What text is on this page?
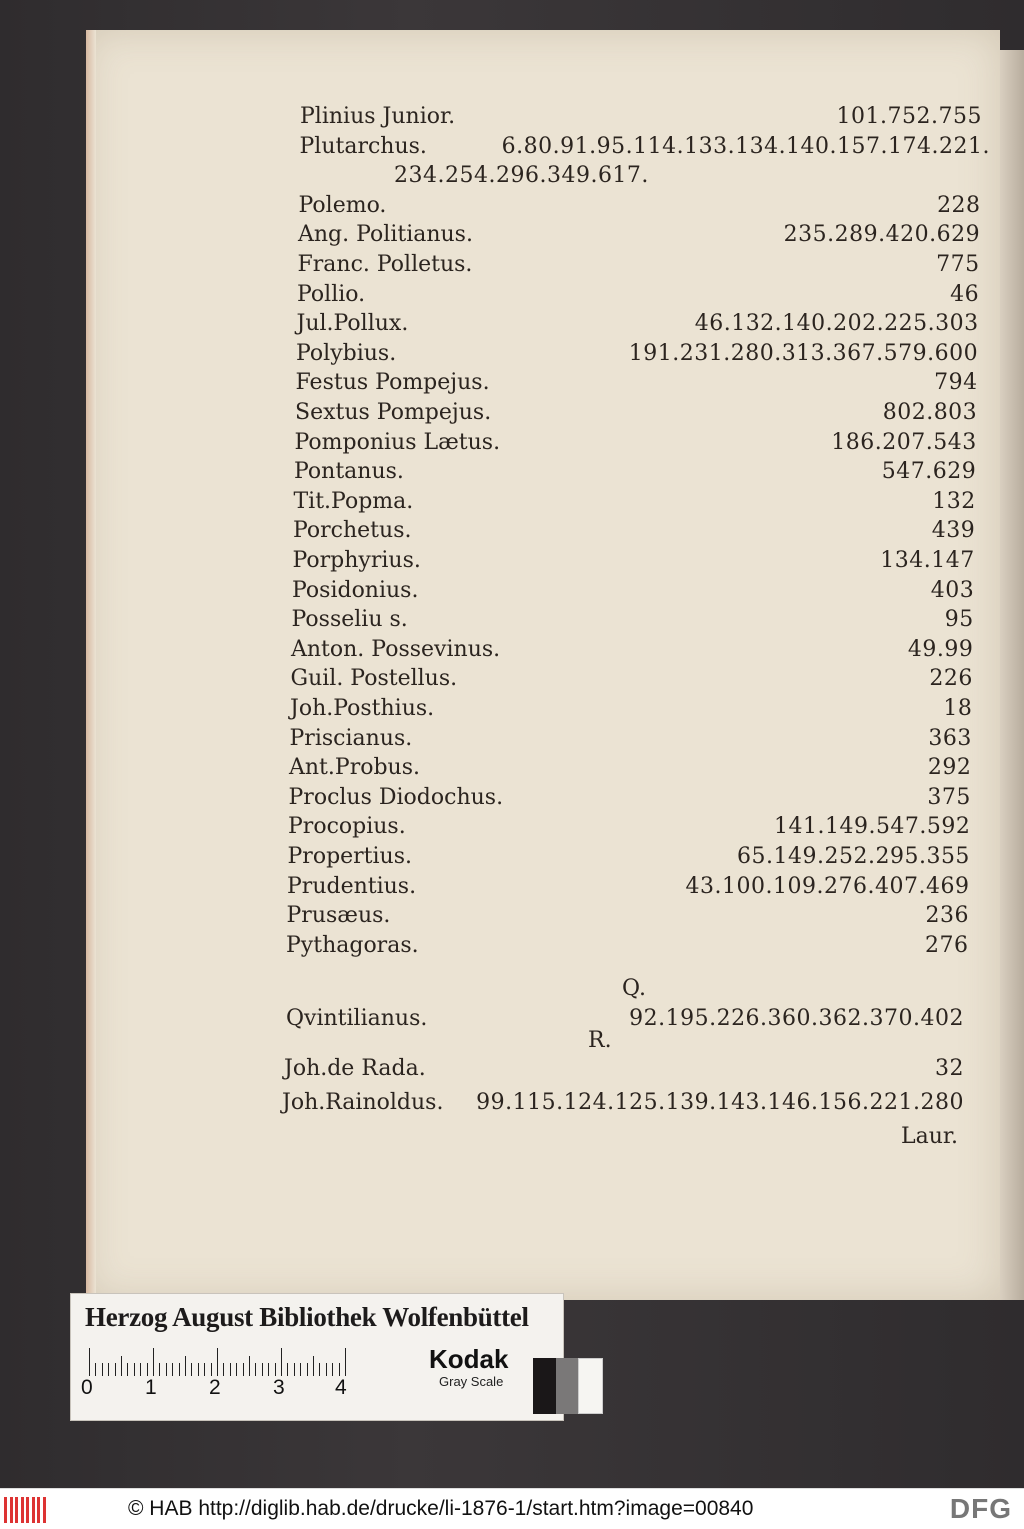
Plinius Junior.	101.752.755
Plutarchus.	6.80.91.95.114.133.134.140.157.174.221.
234.254.296.349.617.
Polemo.	228
Ang. Politianus.	235.289.420.629
Franc. Polletus.	775
Pollio.	46
Jul.Pollux.	46.132.140.202.225.303
Polybius.	191.231.280.313.367.579.600
Festus Pompejus.	794
Sextus Pompejus.	802.803
Pomponius Lætus.	186.207.543
Pontanus.	547.629
Tit.Popma.	132
Porchetus.	439
Porphyrius.	134.147
Posidonius.	403
Posseliu s.	95
Anton. Possevinus.	49.99
Guil. Postellus.	226
Joh.Posthius.	18
Priscianus.	363
Ant.Probus.	292
Proclus Diodochus.	375
Procopius.	141.149.547.592
Propertius.	65.149.252.295.355
Prudentius.	43.100.109.276.407.469
Prusæus.	236
Pythagoras.	276
Q.
Qvintilianus.	92.195.226.360.362.370.402
R.
Joh.de Rada.	32
Joh.Rainoldus. 99.115.124.125.139.143.146.156.221.280
Laur.
Herzog August Bibliothek Wolfenbüttel
0 1 2 3 4
Kodak
Gray Scale
© HAB http://diglib.hab.de/drucke/li-1876-1/start.htm?image=00840	DFG
